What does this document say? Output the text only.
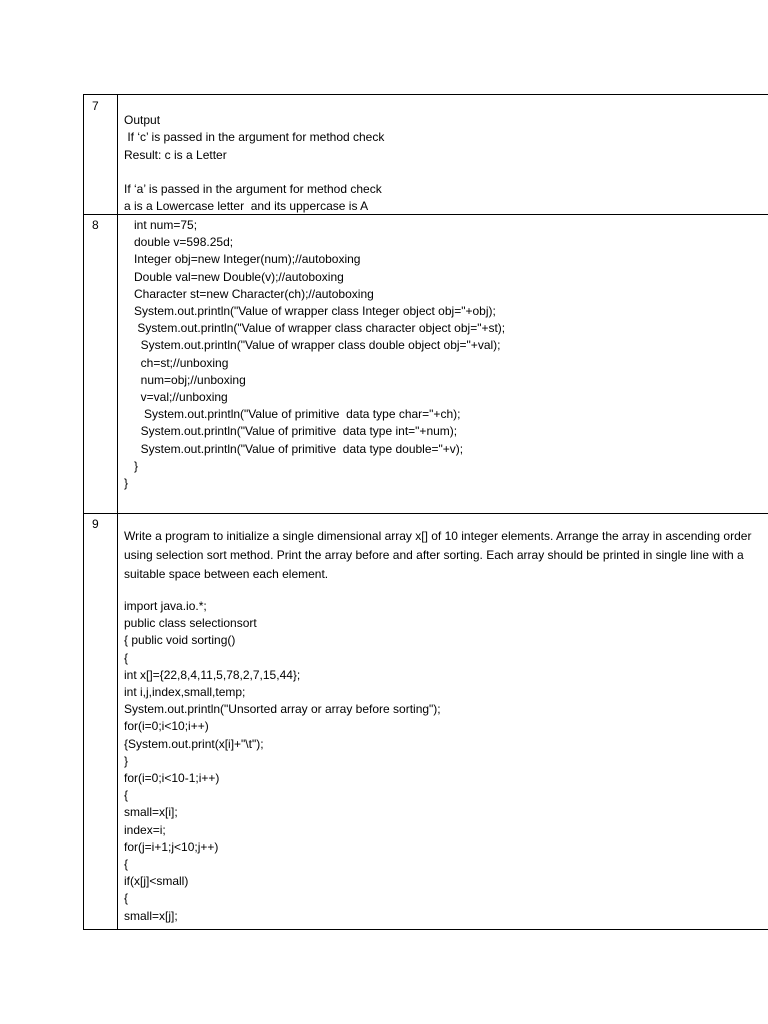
7
Output
If ‘c’ is passed in the argument for method check
Result: c is a Letter
If ‘a’ is passed in the argument for method check
a is a Lowercase letter  and its uppercase is A
8 int num=75;
double v=598.25d;
Integer obj=new Integer(num);//autoboxing
Double val=new Double(v);//autoboxing
Character st=new Character(ch);//autoboxing
System.out.println("Value of wrapper class Integer object obj="+obj);
System.out.println("Value of wrapper class character object obj="+st);
System.out.println("Value of wrapper class double object obj="+val);
ch=st;//unboxing
num=obj;//unboxing
v=val;//unboxing
System.out.println("Value of primitive  data type char="+ch);
System.out.println("Value of primitive  data type int="+num);
System.out.println("Value of primitive  data type double="+v);
}
}
9
Write a program to initialize a single dimensional array x[] of 10 integer elements. Arrange the array in ascending order using selection sort method. Print the array before and after sorting. Each array should be printed in single line with a suitable space between each element.
import java.io.*;
public class selectionsort
{ public void sorting()
{
int x[]={22,8,4,11,5,78,2,7,15,44};
int i,j,index,small,temp;
System.out.println("Unsorted array or array before sorting");
for(i=0;i<10;i++)
{System.out.print(x[i]+"\t");
}
for(i=0;i<10-1;i++)
{
small=x[i];
index=i;
for(j=i+1;j<10;j++)
{
if(x[j]<small)
{
small=x[j];
